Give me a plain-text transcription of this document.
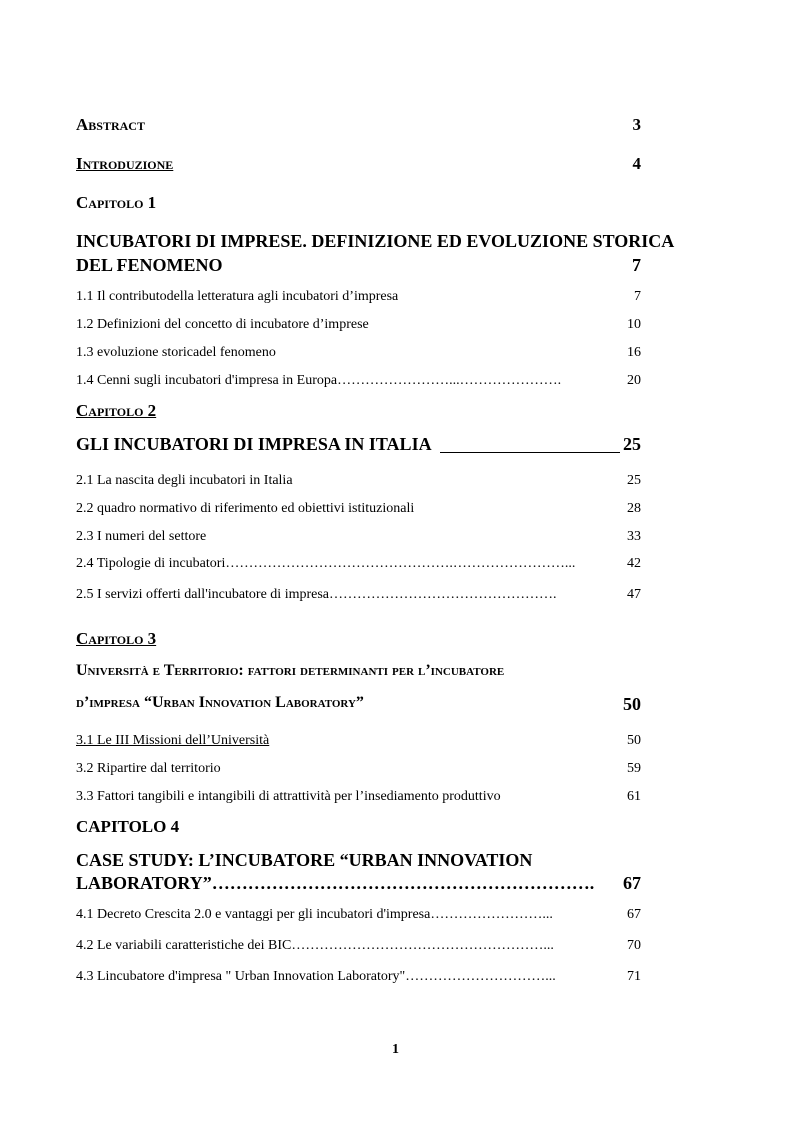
Abstract	3
Introduzione	4
Capitolo 1
INCUBATORI DI IMPRESE. DEFINIZIONE ED EVOLUZIONE STORICA
DEL FENOMENO	7
1.1 Il contributodella letteratura agli incubatori d’impresa	7
1.2 Definizioni del concetto di incubatore d’imprese	10
1.3 evoluzione storicadel fenomeno	16
1.4 Cenni sugli incubatori d'impresa in Europa……………………...………………….	20
Capitolo 2
GLI INCUBATORI DI IMPRESA IN ITALIA	25
2.1 La nascita degli incubatori in Italia	25
2.2 quadro normativo di riferimento ed obiettivi istituzionali	28
2.3 I numeri del settore	33
2.4 Tipologie di incubatori………………………………………….……………………...	42
2.5 I servizi offerti dall'incubatore di impresa………………………………………….	47
Capitolo 3
Università e Territorio: fattori determinanti per l’incubatore
d’impresa “Urban Innovation Laboratory”	50
3.1 Le III Missioni dell’Università	50
3.2 Ripartire dal territorio	59
3.3 Fattori tangibili e intangibili di attrattività per l’insediamento produttivo	61
CAPITOLO 4
CASE STUDY: L’INCUBATORE “URBAN INNOVATION
LABORATORY”……………………………………………………….	67
4.1 Decreto Crescita 2.0 e vantaggi per gli incubatori d'impresa……………………...	67
4.2 Le variabili caratteristiche dei BIC………………………………………………...	70
4.3 Lincubatore d'impresa " Urban Innovation Laboratory"…………………………...	71
1
